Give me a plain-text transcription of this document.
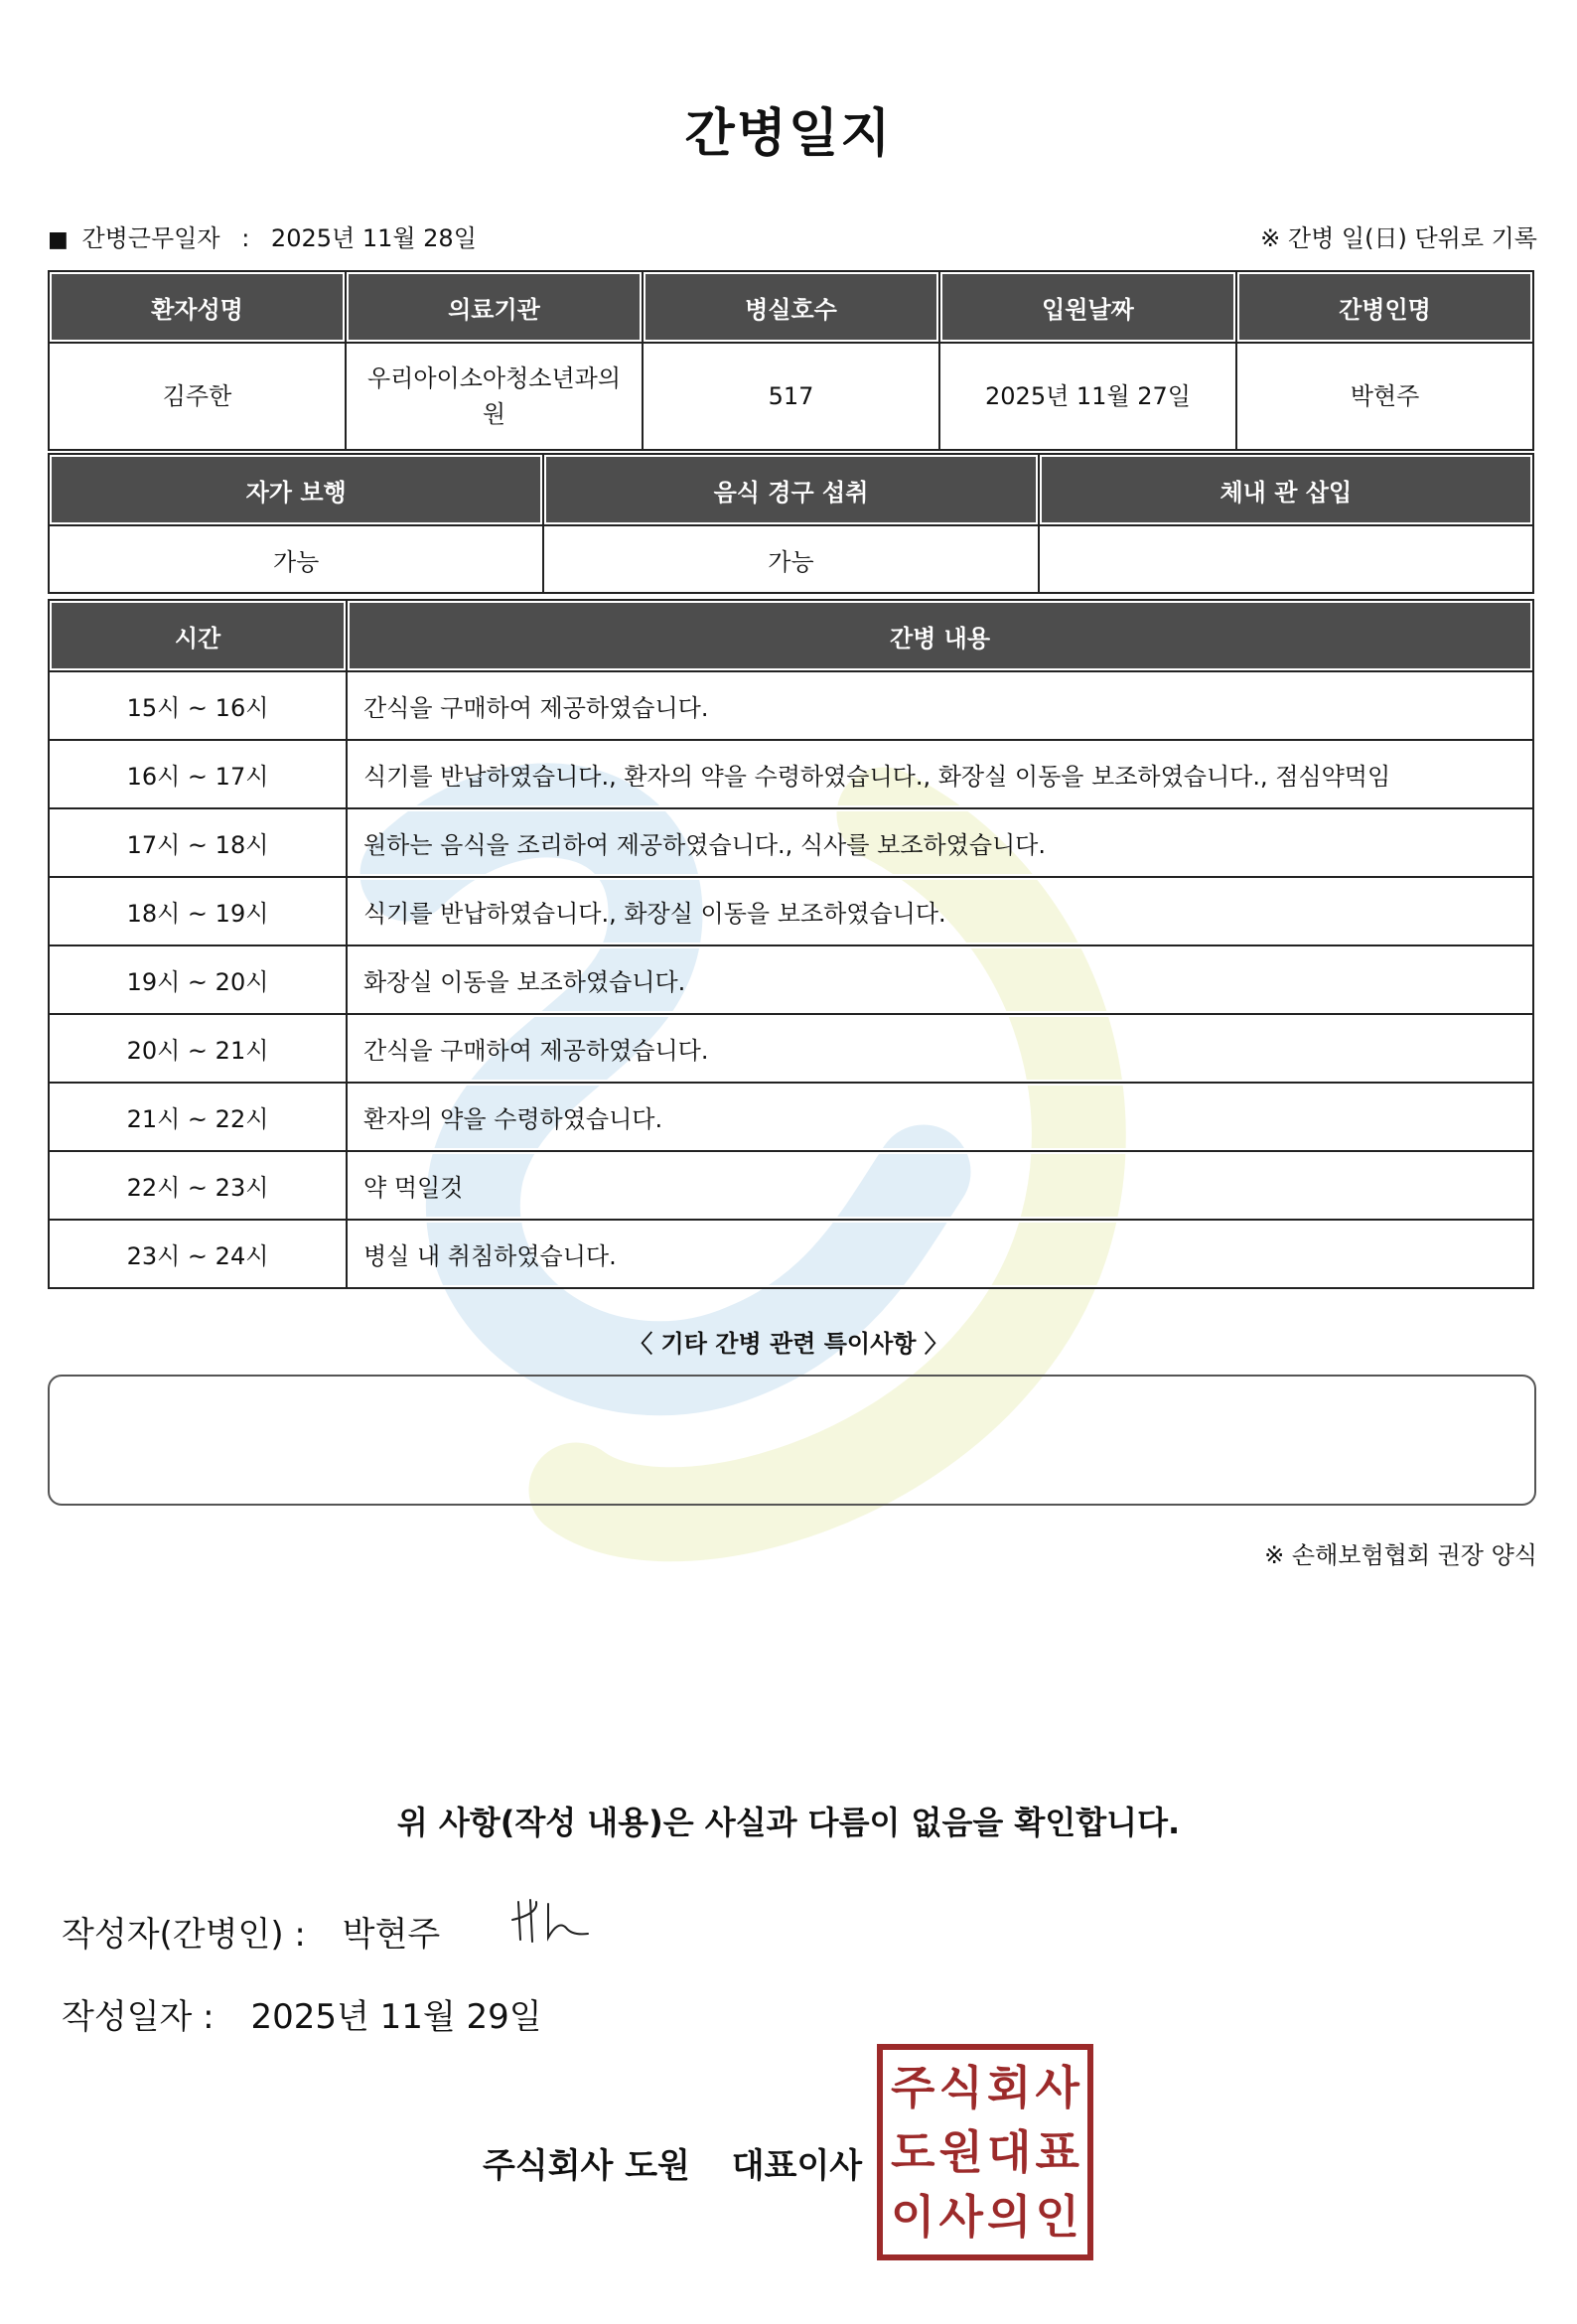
간병일지
■ 간병근무일자 : 2025년 11월 28일	※ 간병 일(日) 단위로 기록
환자성명	의료기관	병실호수	입원날짜	간병인명
김주한	우리아이소아청소년과의원	517	2025년 11월 27일	박현주
자가 보행	음식 경구 섭취	체내 관 삽입
가능	가능	
시간	간병 내용
15시 ~ 16시	간식을 구매하여 제공하였습니다.
16시 ~ 17시	식기를 반납하였습니다., 환자의 약을 수령하였습니다., 화장실 이동을 보조하였습니다., 점심약먹임
17시 ~ 18시	원하는 음식을 조리하여 제공하였습니다., 식사를 보조하였습니다.
18시 ~ 19시	식기를 반납하였습니다., 화장실 이동을 보조하였습니다.
19시 ~ 20시	화장실 이동을 보조하였습니다.
20시 ~ 21시	간식을 구매하여 제공하였습니다.
21시 ~ 22시	환자의 약을 수령하였습니다.
22시 ~ 23시	약 먹일것
23시 ~ 24시	병실 내 취침하였습니다.
〈 기타 간병 관련 특이사항 〉
※ 손해보험협회 권장 양식
위 사항(작성 내용)은 사실과 다름이 없음을 확인합니다.
작성자(간병인) : 박현주
작성일자 : 2025년 11월 29일
주식회사 도원 대표이사
주 식 회 사
도 원 대 표
이 사 의 인
